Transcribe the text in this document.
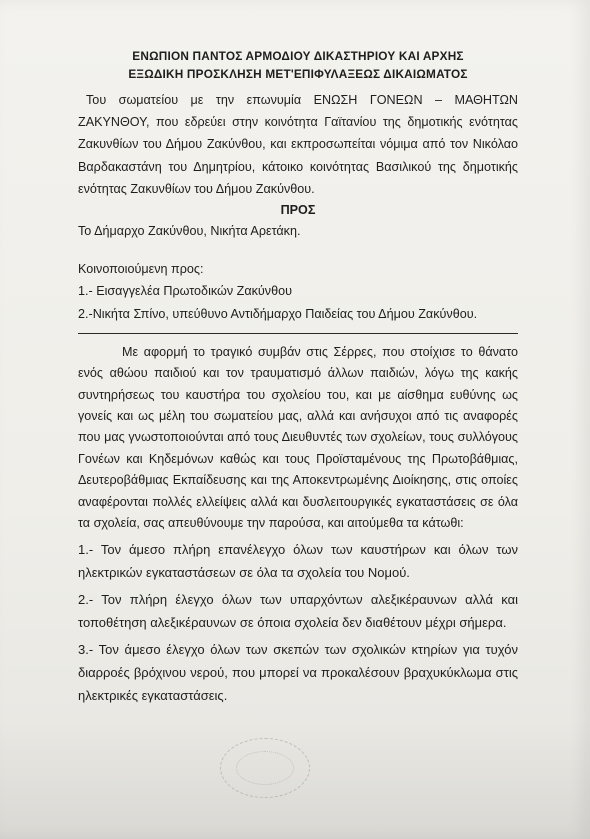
ΕΝΩΠΙΟΝ ΠΑΝΤΟΣ ΑΡΜΟΔΙΟΥ ΔΙΚΑΣΤΗΡΙΟΥ ΚΑΙ ΑΡΧΗΣ

ΕΞΩΔΙΚΗ ΠΡΟΣΚΛΗΣΗ ΜΕΤ'ΕΠΙΦΥΛΑΞΕΩΣ ΔΙΚΑΙΩΜΑΤΟΣ

Του σωματείου με την επωνυμία ΕΝΩΣΗ ΓΟΝΕΩΝ – ΜΑΘΗΤΩΝ ΖΑΚΥΝΘΟΥ, που εδρεύει στην κοινότητα Γαϊτανίου της δημοτικής ενότητας Ζακυνθίων του Δήμου Ζακύνθου, και εκπροσωπείται νόμιμα από τον Νικόλαο Βαρδακαστάνη του Δημητρίου, κάτοικο κοινότητας Βασιλικού της δημοτικής ενότητας Ζακυνθίων του Δήμου Ζακύνθου.

ΠΡΟΣ

Το Δήμαρχο Ζακύνθου, Νικήτα Αρετάκη.

Κοινοποιούμενη προς:

1.- Εισαγγελέα Πρωτοδικών Ζακύνθου

2.-Νικήτα Σπίνο, υπεύθυνο Αντιδήμαρχο Παιδείας του Δήμου Ζακύνθου.

Με αφορμή το τραγικό συμβάν στις Σέρρες, που στοίχισε το θάνατο ενός αθώου παιδιού και τον τραυματισμό άλλων παιδιών, λόγω της κακής συντηρήσεως του καυστήρα του σχολείου του, και με αίσθημα ευθύνης ως γονείς και ως μέλη του σωματείου μας, αλλά και ανήσυχοι από τις αναφορές που μας γνωστοποιούνται από τους Διευθυντές των σχολείων, τους συλλόγους Γονέων και Κηδεμόνων καθώς και τους Προϊσταμένους της Πρωτοβάθμιας, Δευτεροβάθμιας Εκπαίδευσης και της Αποκεντρωμένης Διοίκησης, στις οποίες αναφέρονται πολλές ελλείψεις αλλά και δυσλειτουργικές εγκαταστάσεις σε όλα τα σχολεία, σας απευθύνουμε την παρούσα, και αιτούμεθα τα κάτωθι:

1.- Τον άμεσο πλήρη επανέλεγχο όλων των καυστήρων και όλων των ηλεκτρικών εγκαταστάσεων σε όλα τα σχολεία του Νομού.

2.- Τον πλήρη έλεγχο όλων των υπαρχόντων αλεξικέραυνων αλλά και τοποθέτηση αλεξικέραυνων σε όποια σχολεία δεν διαθέτουν μέχρι σήμερα.

3.- Τον άμεσο έλεγχο όλων των σκεπών των σχολικών κτηρίων για τυχόν διαρροές βρόχινου νερού, που μπορεί να προκαλέσουν βραχυκύκλωμα στις ηλεκτρικές εγκαταστάσεις.
